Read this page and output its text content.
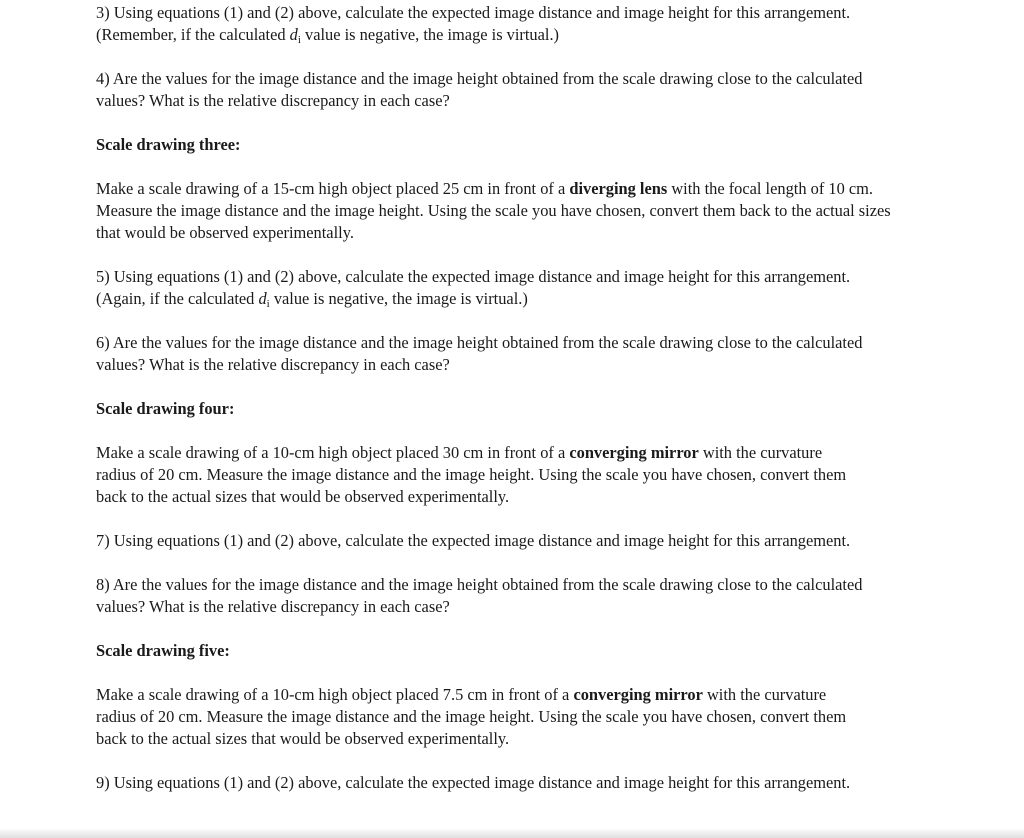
3) Using equations (1) and (2) above, calculate the expected image distance and image height for this arrangement. (Remember, if the calculated $d_i$ value is negative, the image is virtual.)

4) Are the values for the image distance and the image height obtained from the scale drawing close to the calculated values? What is the relative discrepancy in each case?

Scale drawing three:

Make a scale drawing of a 15-cm high object placed 25 cm in front of a diverging lens with the focal length of 10 cm. Measure the image distance and the image height. Using the scale you have chosen, convert them back to the actual sizes that would be observed experimentally.

5) Using equations (1) and (2) above, calculate the expected image distance and image height for this arrangement. (Again, if the calculated $d_i$ value is negative, the image is virtual.)

6) Are the values for the image distance and the image height obtained from the scale drawing close to the calculated values? What is the relative discrepancy in each case?

Scale drawing four:

Make a scale drawing of a 10-cm high object placed 30 cm in front of a converging mirror with the curvature radius of 20 cm. Measure the image distance and the image height. Using the scale you have chosen, convert them back to the actual sizes that would be observed experimentally.

7) Using equations (1) and (2) above, calculate the expected image distance and image height for this arrangement.

8) Are the values for the image distance and the image height obtained from the scale drawing close to the calculated values? What is the relative discrepancy in each case?

Scale drawing five:

Make a scale drawing of a 10-cm high object placed 7.5 cm in front of a converging mirror with the curvature radius of 20 cm. Measure the image distance and the image height. Using the scale you have chosen, convert them back to the actual sizes that would be observed experimentally.

9) Using equations (1) and (2) above, calculate the expected image distance and image height for this arrangement.
